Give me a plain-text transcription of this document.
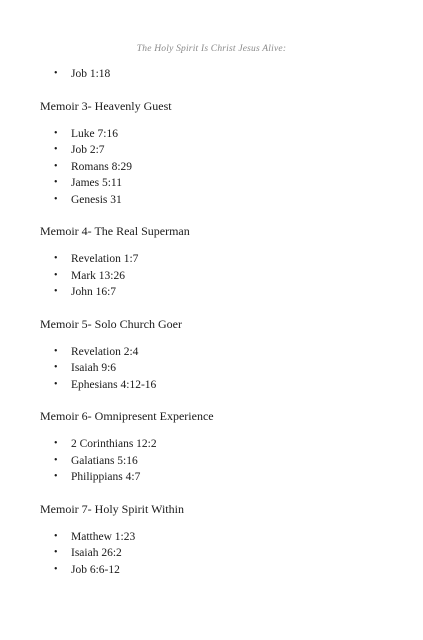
The Holy Spirit Is Christ Jesus Alive:
• Job 1:18
Memoir 3- Heavenly Guest
• Luke 7:16
• Job 2:7
• Romans 8:29
• James 5:11
• Genesis 31
Memoir 4- The Real Superman
• Revelation 1:7
• Mark 13:26
• John 16:7
Memoir 5- Solo Church Goer
• Revelation 2:4
• Isaiah 9:6
• Ephesians 4:12-16
Memoir 6- Omnipresent Experience
• 2 Corinthians 12:2
• Galatians 5:16
• Philippians 4:7
Memoir 7- Holy Spirit Within
• Matthew 1:23
• Isaiah 26:2
• Job 6:6-12
